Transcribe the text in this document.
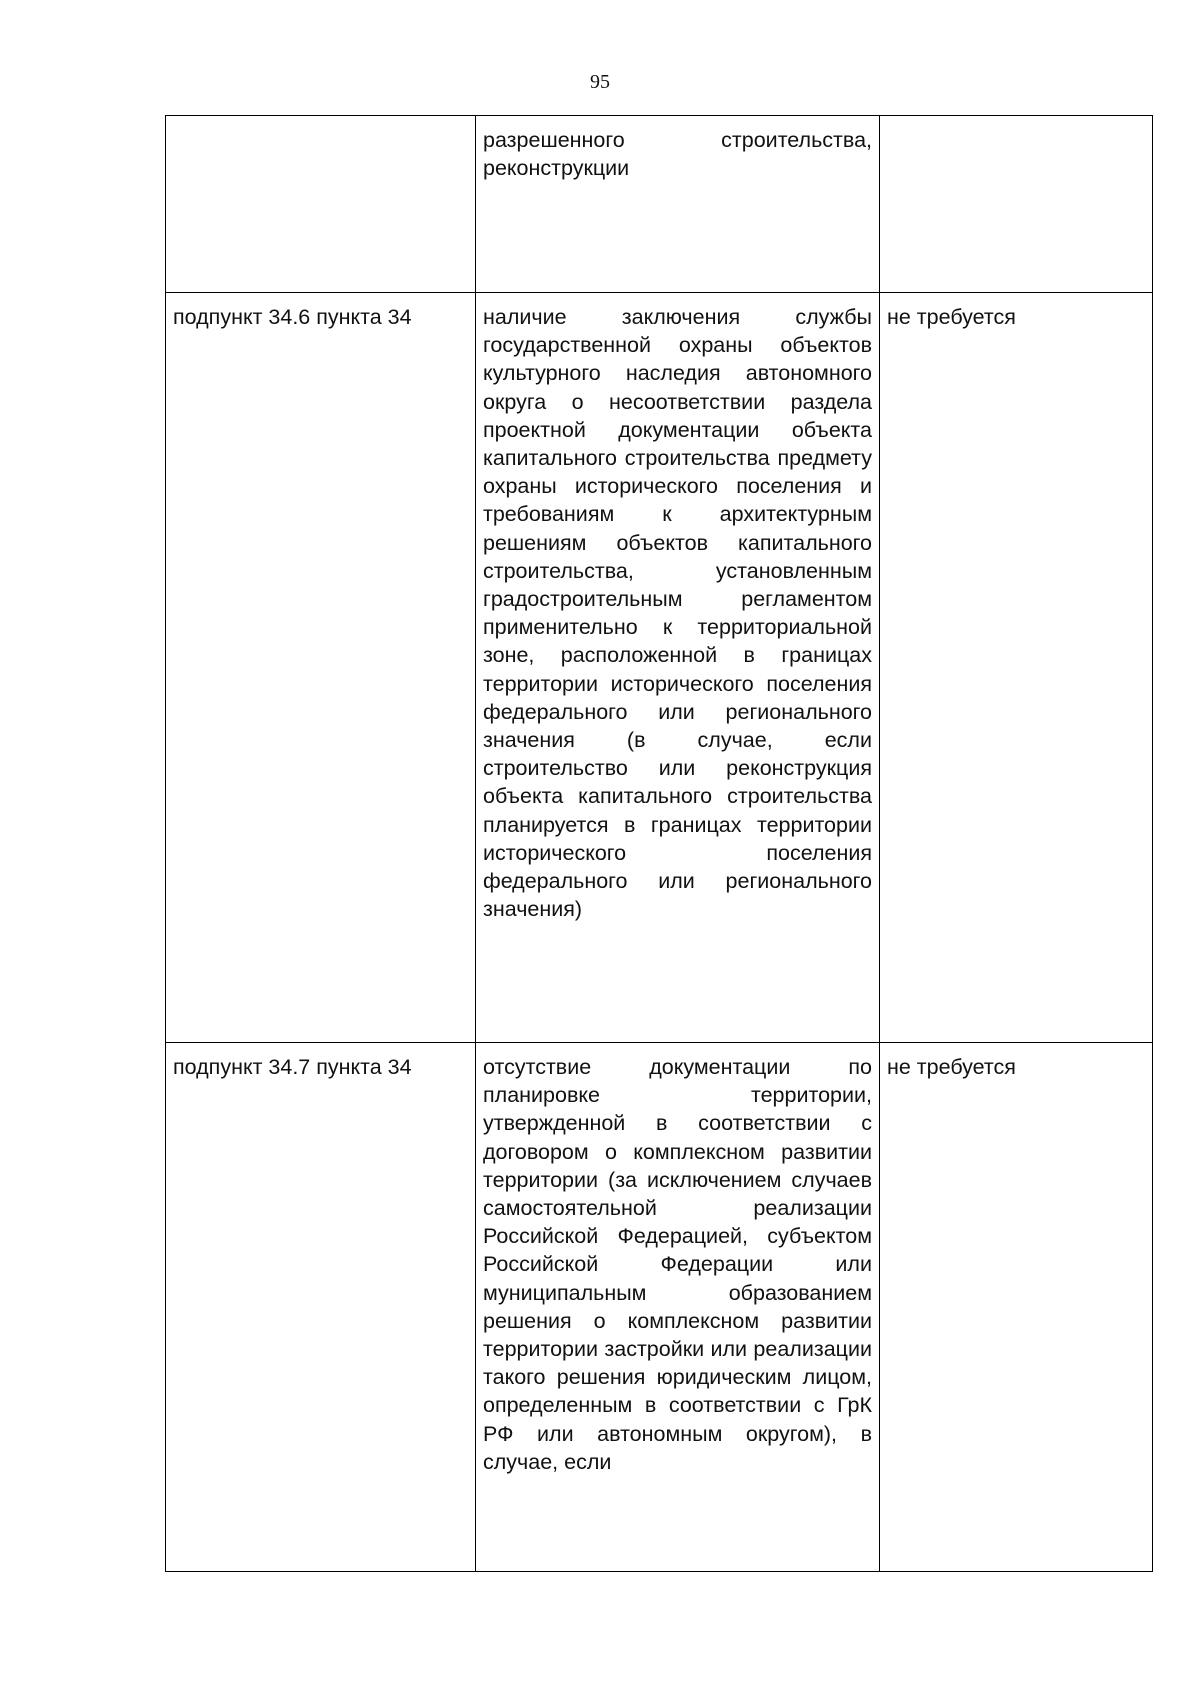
95
	разрешенного строительства, реконструкции	
подпункт 34.6 пункта 34	наличие заключения службы государственной охраны объектов культурного наследия автономного округа о несоответствии раздела проектной документации объекта капитального строительства предмету охраны исторического поселения и требованиям к архитектурным решениям объектов капитального строительства, установленным градостроительным регламентом применительно к территориальной зоне, расположенной в границах территории исторического поселения федерального или регионального значения (в случае, если строительство или реконструкция объекта капитального строительства планируется в границах территории исторического поселения федерального или регионального значения)	не требуется
подпункт 34.7 пункта 34	отсутствие документации по планировке территории, утвержденной в соответствии с договором о комплексном развитии территории (за исключением случаев самостоятельной реализации Российской Федерацией, субъектом Российской Федерации или муниципальным образованием решения о комплексном развитии территории застройки или реализации такого решения юридическим лицом, определенным в соответствии с ГрК РФ или автономным округом), в случае, если	не требуется
